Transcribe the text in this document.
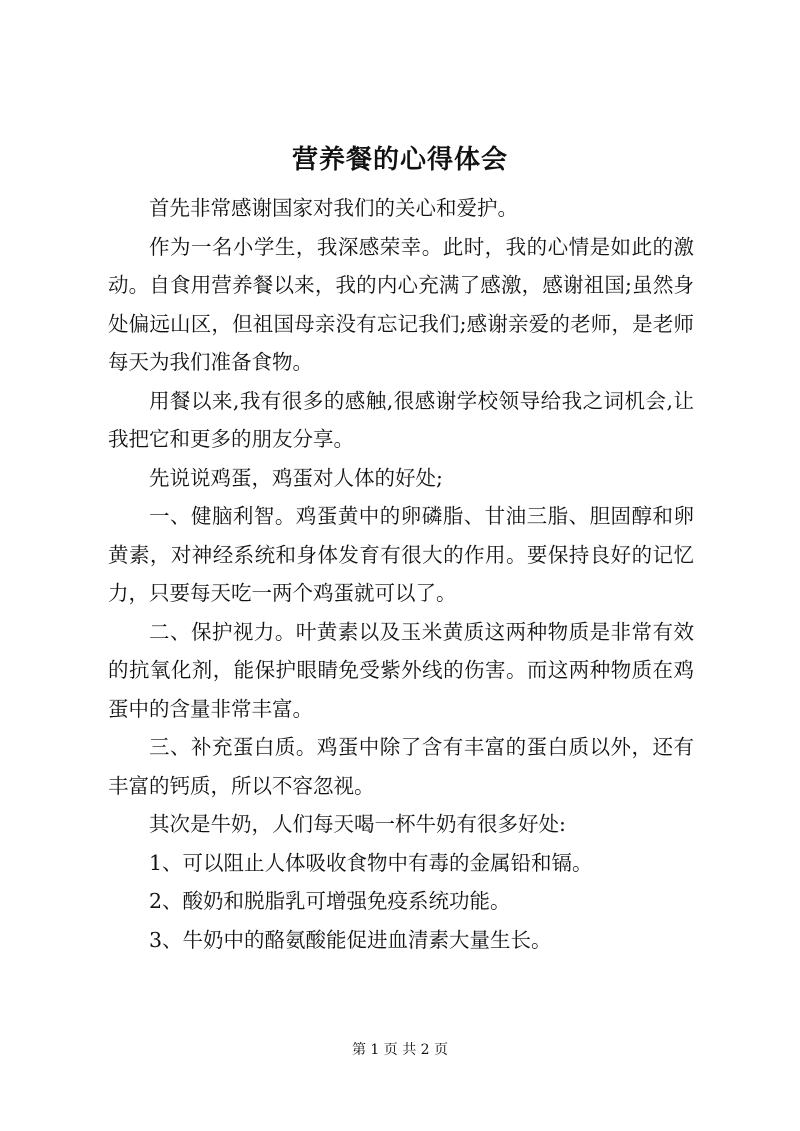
营养餐的心得体会

首先非常感谢国家对我们的关心和爱护。

作为一名小学生，我深感荣幸。此时，我的心情是如此的激动。自食用营养餐以来，我的内心充满了感激，感谢祖国;虽然身处偏远山区，但祖国母亲没有忘记我们;感谢亲爱的老师，是老师每天为我们准备食物。

用餐以来,我有很多的感触,很感谢学校领导给我之词机会,让我把它和更多的朋友分享。

先说说鸡蛋，鸡蛋对人体的好处;

一、健脑利智。鸡蛋黄中的卵磷脂、甘油三脂、胆固醇和卵黄素，对神经系统和身体发育有很大的作用。要保持良好的记忆力，只要每天吃一两个鸡蛋就可以了。

二、保护视力。叶黄素以及玉米黄质这两种物质是非常有效的抗氧化剂，能保护眼睛免受紫外线的伤害。而这两种物质在鸡蛋中的含量非常丰富。

三、补充蛋白质。鸡蛋中除了含有丰富的蛋白质以外，还有丰富的钙质，所以不容忽视。

其次是牛奶，人们每天喝一杯牛奶有很多好处:

1、可以阻止人体吸收食物中有毒的金属铅和镉。

2、酸奶和脱脂乳可增强免疫系统功能。

3、牛奶中的酪氨酸能促进血清素大量生长。

第 1 页 共 2 页
